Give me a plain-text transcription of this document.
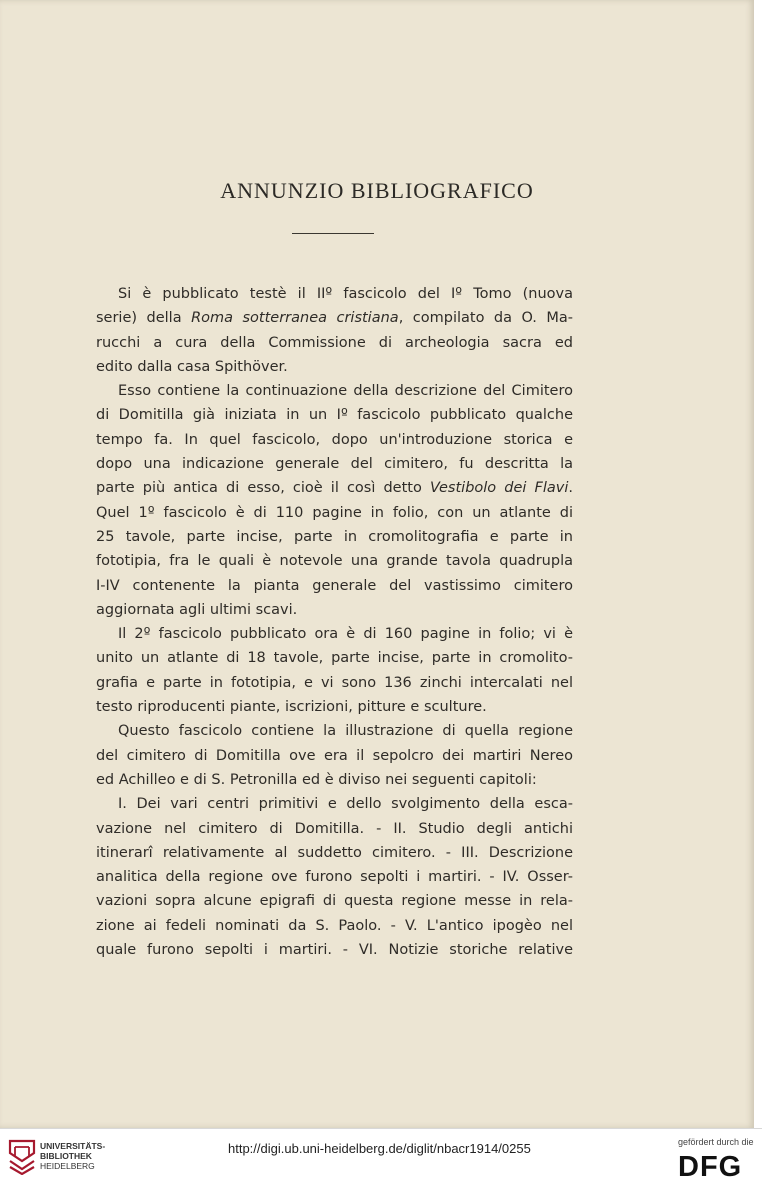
ANNUNZIO BIBLIOGRAFICO
Si è pubblicato testè il IIº fascicolo del Iº Tomo (nuova
serie) della Roma sotterranea cristiana, compilato da O. Ma-
rucchi a cura della Commissione di archeologia sacra ed
edito dalla casa Spithöver.
Esso contiene la continuazione della descrizione del Cimitero
di Domitilla già iniziata in un Iº fascicolo pubblicato qualche
tempo fa. In quel fascicolo, dopo un'introduzione storica e
dopo una indicazione generale del cimitero, fu descritta la
parte più antica di esso, cioè il così detto Vestibolo dei Flavi.
Quel 1º fascicolo è di 110 pagine in folio, con un atlante di
25 tavole, parte incise, parte in cromolitografia e parte in
fototipia, fra le quali è notevole una grande tavola quadrupla
I-IV contenente la pianta generale del vastissimo cimitero
aggiornata agli ultimi scavi.
Il 2º fascicolo pubblicato ora è di 160 pagine in folio; vi è
unito un atlante di 18 tavole, parte incise, parte in cromolito-
grafia e parte in fototipia, e vi sono 136 zinchi intercalati nel
testo riproducenti piante, iscrizioni, pitture e sculture.
Questo fascicolo contiene la illustrazione di quella regione
del cimitero di Domitilla ove era il sepolcro dei martiri Nereo
ed Achilleo e di S. Petronilla ed è diviso nei seguenti capitoli:
I. Dei vari centri primitivi e dello svolgimento della esca-
vazione nel cimitero di Domitilla. - II. Studio degli antichi
itinerarî relativamente al suddetto cimitero. - III. Descrizione
analitica della regione ove furono sepolti i martiri. - IV. Osser-
vazioni sopra alcune epigrafi di questa regione messe in rela-
zione ai fedeli nominati da S. Paolo. - V. L'antico ipogèo nel
quale furono sepolti i martiri. - VI. Notizie storiche relative
UNIVERSITÄTS-
BIBLIOTHEK
HEIDELBERG
http://digi.ub.uni-heidelberg.de/diglit/nbacr1914/0255	gefördert durch die
DFG
